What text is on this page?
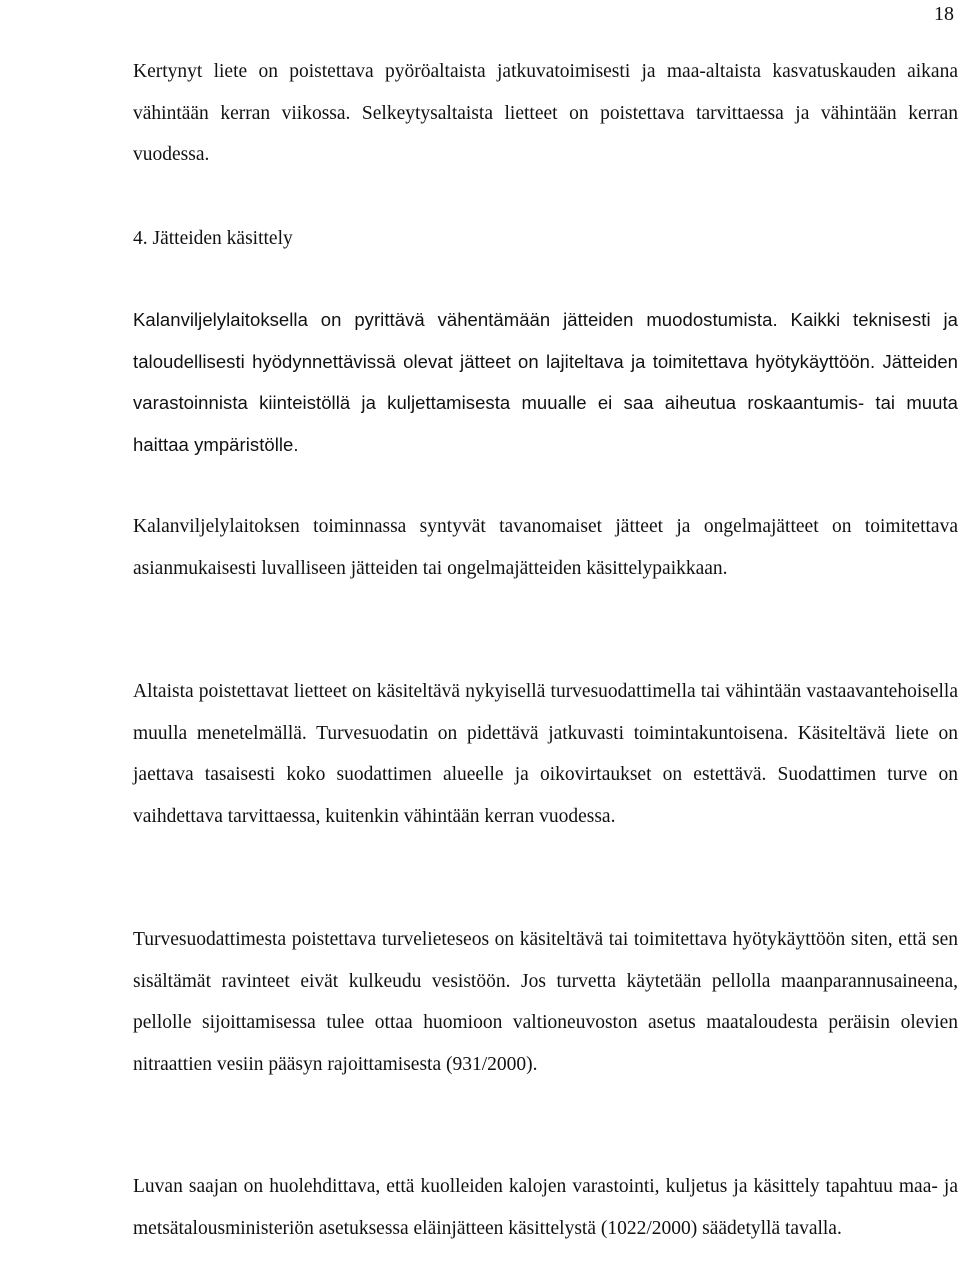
18

Kertynyt liete on poistettava pyöröaltaista jatkuvatoimisesti ja maa-altaista kasvatuskauden aikana vähintään kerran viikossa. Selkeytysaltaista lietteet on poistettava tarvittaessa ja vähintään kerran vuodessa.

4. Jätteiden käsittely

Kalanviljelylaitoksella on pyrittävä vähentämään jätteiden muodostumista. Kaikki teknisesti ja taloudellisesti hyödynnettävissä olevat jätteet on lajiteltava ja toimitettava hyötykäyttöön. Jätteiden varastoinnista kiinteistöllä ja kuljettamisesta muualle ei saa aiheutua roskaantumis- tai muuta haittaa ympäristölle.

Kalanviljelylaitoksen toiminnassa syntyvät tavanomaiset jätteet ja ongelmajätteet on toimitettava asianmukaisesti luvalliseen jätteiden tai ongelmajätteiden käsittelypaikkaan.

Altaista poistettavat lietteet on käsiteltävä nykyisellä turvesuodattimella tai vähintään vastaavantehoisella muulla menetelmällä. Turvesuodatin on pidettävä jatkuvasti toimintakuntoisena. Käsiteltävä liete on jaettava tasaisesti koko suodattimen alueelle ja oikovirtaukset on estettävä. Suodattimen turve on vaihdettava tarvittaessa, kuitenkin vähintään kerran vuodessa.

Turvesuodattimesta poistettava turvelieteseos on käsiteltävä tai toimitettava hyötykäyttöön siten, että sen sisältämät ravinteet eivät kulkeudu vesistöön. Jos turvetta käytetään pellolla maanparannusaineena, pellolle sijoittamisessa tulee ottaa huomioon valtioneuvoston asetus maataloudesta peräisin olevien nitraattien vesiin pääsyn rajoittamisesta (931/2000).

Luvan saajan on huolehdittava, että kuolleiden kalojen varastointi, kuljetus ja käsittely tapahtuu maa- ja metsätalousministeriön asetuksessa eläinjätteen käsittelystä (1022/2000) säädetyllä tavalla.
